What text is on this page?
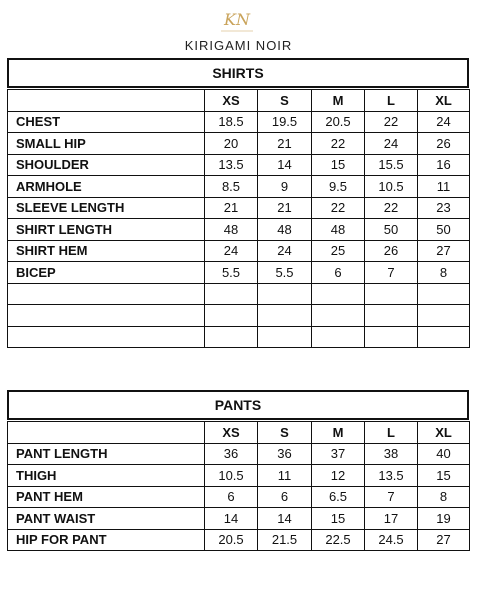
KN
KIRIGAMI NOIR
SHIRTS
	XS	S	M	L	XL
CHEST	18.5	19.5	20.5	22	24
SMALL HIP	20	21	22	24	26
SHOULDER	13.5	14	15	15.5	16
ARMHOLE	8.5	9	9.5	10.5	11
SLEEVE LENGTH	21	21	22	22	23
SHIRT LENGTH	48	48	48	50	50
SHIRT HEM	24	24	25	26	27
BICEP	5.5	5.5	6	7	8

PANTS
	XS	S	M	L	XL
PANT LENGTH	36	36	37	38	40
THIGH	10.5	11	12	13.5	15
PANT HEM	6	6	6.5	7	8
PANT WAIST	14	14	15	17	19
HIP FOR PANT	20.5	21.5	22.5	24.5	27
